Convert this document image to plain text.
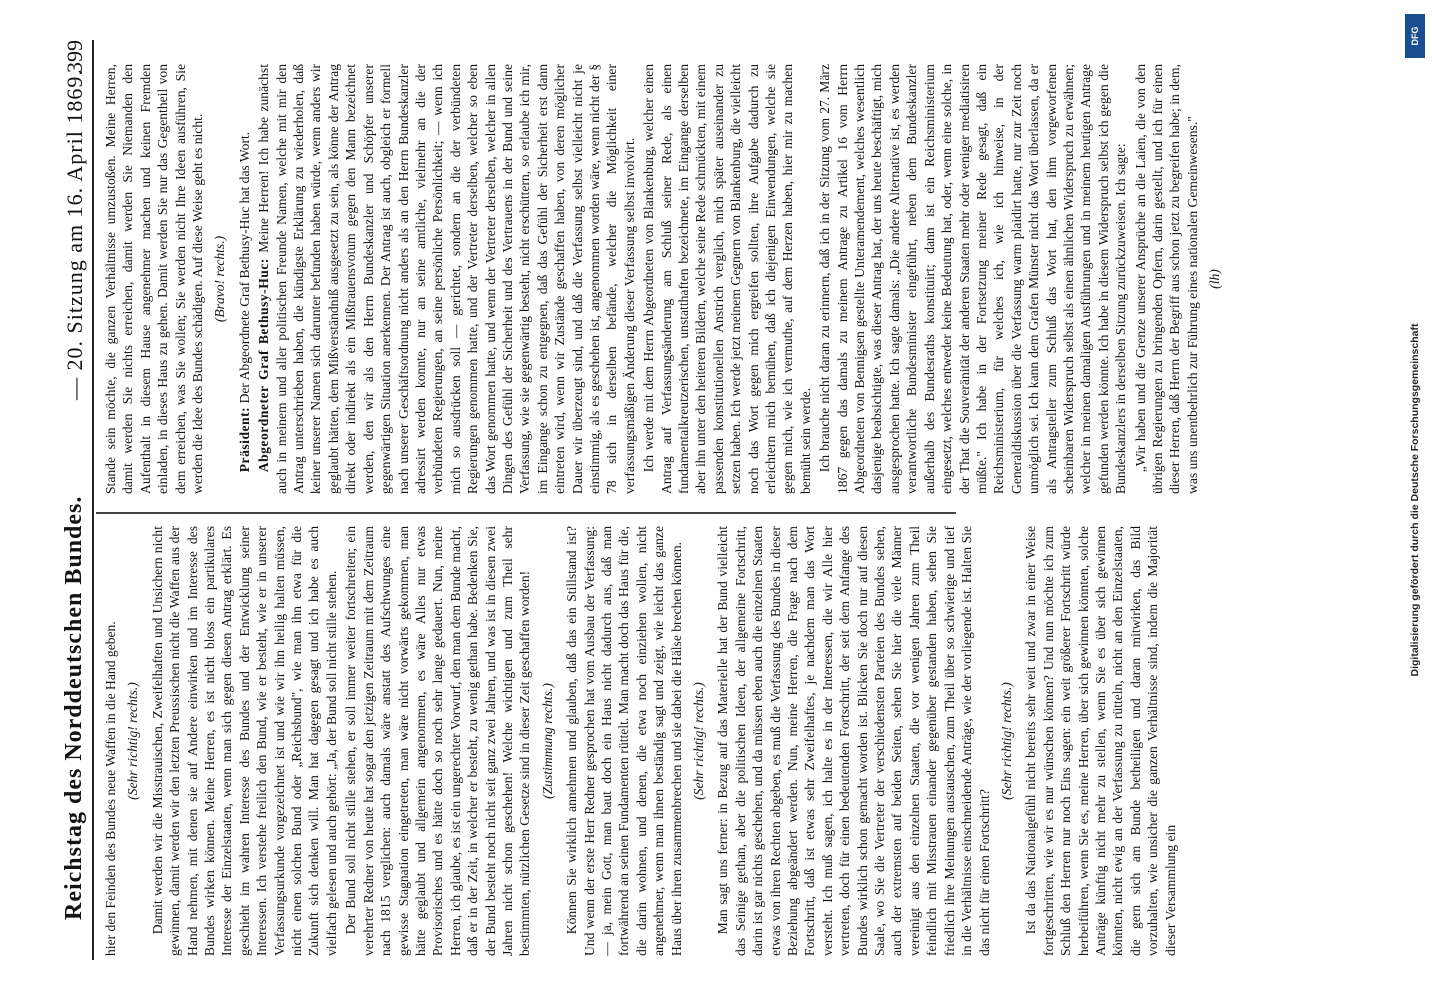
Reichstag des Norddeutschen Bundes.
— 20. Sitzung am 16. April 1869.
399

hier den Feinden des Bundes neue Waffen in die Hand geben. (Sehr richtig! rechts.) Damit werden wir die Misstrauischen, Zweifelhaften und Unsichern nicht gewinnen, damit werden wir den letzten Preussischen nicht die Waffen aus der Hand nehmen, mit denen sie auf Andere einwirken und im Interesse des Bundes wirken können. Meine Herren, es ist nicht bloss ein partikulares Interesse der Einzelstaaten, wenn man sich gegen diesen Antrag erklärt. Es geschieht im wahren Interesse des Bundes und der Entwicklung seiner Interessen. Ich verstehe freilich den Bund, wie er besteht, wie er in unserer Verfassungsurkunde vorgezeichnet ist und wie wir ihn heilig halten müssen, nicht einen solchen Bund oder „Reichsbund", wie man ihn etwa für die Zukunft sich denken will. Man hat dagegen gesagt und ich habe es auch vielfach gelesen und auch gehört: „Ja, der Bund soll nicht stille stehen. Der Bund soll nicht stille stehen, er soll immer weiter fortschreiten; ein verehrter Redner von heute hat sogar den jetzigen Zeitraum mit dem Zeitraum nach 1815 verglichen: auch damals wäre anstatt des Aufschwunges eine gewisse Stagnation eingetreten, man wäre nicht vorwärts gekommen, man hätte geglaubt und allgemein angenommen, es wäre Alles nur etwas Provisorisches und es hätte doch so noch sehr lange gedauert. Nun, meine Herren, ich glaube, es ist ein ungerechter Vorwurf, den man dem Bunde macht, daß er in der Zeit, in welcher er besteht, zu wenig gethan habe. Bedenken Sie, der Bund besteht noch nicht seit ganz zwei Jahren, und was ist in diesen zwei Jahren nicht schon geschehen! Welche wichtigen und zum Theil sehr bestimmten, nützlichen Gesetze sind in dieser Zeit geschaffen worden! (Zustimmung rechts.) Können Sie wirklich annehmen und glauben, daß das ein Stillstand ist? Und wenn der erste Herr Redner gesprochen hat vom Ausbau der Verfassung: — ja, mein Gott, man baut doch ein Haus nicht dadurch aus, daß man fortwährend an seinen Fundamenten rüttelt. Man macht doch das Haus für die, die darin wohnen, und denen, die etwa noch einziehen wollen, nicht angenehmer, wenn man ihnen beständig sagt und zeigt, wie leicht das ganze Haus über ihren zusammenbrechen und sie dabei die Hälse brechen können. (Sehr richtig! rechts.) Man sagt uns ferner: in Bezug auf das Materielle hat der Bund vielleicht das Seinige gethan, aber die politischen Ideen, der allgemeine Fortschritt, darin ist gar nichts geschehen, und da müssen eben auch die einzelnen Staaten etwas von ihren Rechten abgeben, es muß die Verfassung des Bundes in dieser Beziehung abgeändert werden. Nun, meine Herren, die Frage nach dem Fortschritt, daß ist etwas sehr Zweifelhaftes, je nachdem man das Wort versteht. Ich muß sagen, ich halte es in der Interessen, die wir Alle hier vertreten, doch für einen bedeutenden Fortschritt, der seit dem Anfange des Bundes wirklich schon gemacht worden ist. Blicken Sie doch nur auf diesen Saale, wo Sie die Vertreter der verschiedensten Parteien des Bundes sehen, auch der extremsten auf beiden Seiten, sehen Sie hier die viele Männer vereinigt aus den einzelnen Staaten, die vor wenigen Jahren zum Theil feindlich mit Misstrauen einander gegenüber gestanden haben, sehen Sie friedlich ihre Meinungen austauschen, zum Theil über so schwierige und tief in die Verhältnisse einschneidende Anträge, wie der vorliegende ist. Halten Sie das nicht für einen Fortschritt?

(Sehr richtig! rechts.) Ist da das Nationalgefühl nicht bereits sehr weit und zwar in einer Weise fortgeschritten, wie wir es nur wünschen können? Und nun möchte ich zum Schluß den Herren nur noch Eins sagen: ein weit größerer Fortschritt würde herbeiführen, wenn Sie es, meine Herren, über sich gewinnen könnten, solche Anträge künftig nicht mehr zu stellen, wenn Sie es über sich gewinnen könnten, nicht ewig an der Verfassung zu rütteln, nicht an den Einzelstaaten, die gern sich am Bunde betheiligen und daran mitwirken, das Bild vorzuhalten, wie unsicher die ganzen Verhältnisse sind, indem die Majorität dieser Versammlung ein

Stande sein möchte, die ganzen Verhältnisse umzustoßen. Meine Herren, damit werden Sie nichts erreichen, damit werden Sie Niemanden den Aufenthalt in diesem Hause angenehmer machen und keinen Fremden einladen, in dieses Haus zu gehen. Damit werden Sie nur das Gegentheil von dem erreichen, was Sie wollen; Sie werden nicht Ihre Ideen ausführen, Sie werden die Idee des Bundes schädigen. Auf diese Weise geht es nicht. (Bravo! rechts.)

Präsident: Der Abgeordnete Graf Bethusy-Huc hat das Wort. Abgeordneter Graf Bethusy-Huc: Meine Herren! Ich habe zunächst auch in meinem und aller politischen Freunde Namen, welche mit mir den Antrag unterschrieben haben, die kündigste Erklärung zu wiederholen, daß keiner unserer Namen sich darunter befunden haben würde, wenn anders wir geglaubt hätten, dem Mißverständniß ausgesetzt zu sein, als könne der Antrag direkt oder indirekt als ein Mißtrauensvotum gegen den Mann bezeichnet werden, den wir als den Herrn Bundeskanzler und Schöpfer unserer gegenwärtigen Situation anerkennen. Der Antrag ist auch, obgleich er formell nach unserer Geschäftsordnung nicht anders als an den Herrn Bundeskanzler adressirt werden konnte, nur an seine amtliche, vielmehr an die der verbündeten Regierungen, an seine persönliche Persönlichkeit; — wenn ich mich so ausdrücken soll — gerichtet, sondern an die der verbündeten Regierungen genommen hatte, und der Vertreter derselben, welcher so eben das Wort genommen hatte, und wenn der Vertreter derselben, welcher in allen Dingen des Gefühl der Sicherheit und des Vertrauens in der Bund und seine Verfassung, wie sie gegenwärtig besteht, nicht erschüttern, so erlaube ich mir, im Eingange schon zu entgegnen, daß das Gefühl der Sicherheit erst dann eintreten wird, wenn wir Zustände geschaffen haben, von deren möglicher Dauer wir überzeugt sind, und daß die Verfassung selbst vielleicht nicht je einstimmig, als es geschehen ist, angenommen worden wäre, wenn nicht der § 78 sich in derselben befände, welcher die Möglichkeit einer verfassungsmäßigen Änderung dieser Verfassung selbst involvirt. Ich werde mit dem Herrn Abgeordneten von Blankenburg, welcher einen Antrag auf Verfassungsänderung am Schluß seiner Rede, als einen fundamentalkreutzerischen, unstatthaften bezeichnete, im Eingange derselben aber ihn unter den heiteren Bildern, welche seine Rede schmückten, mit einem passenden konstitutionellen Anstrich verglich, mich später auseinander zu setzen haben. Ich werde jetzt meinem Gegnern von Blankenburg, die vielleicht noch das Wort gegen mich ergreifen sollten, ihre Aufgabe dadurch zu erleichtern mich bemühen, daß ich diejenigen Einwendungen, welche sie gegen mich, wie ich vermuthe, auf dem Herzen haben, hier mir zu machen bemüht sein werde. Ich brauche nicht daran zu erinnern, daß ich in der Sitzung vom 27. März 1867 gegen das damals zu meinem Antrage zu Artikel 16 vom Herrn Abgeordneten von Bennigsen gestellte Unteramendement, welches wesentlich dasjenige beabsichtigte, was dieser Antrag hat, der uns heute beschäftigt, mich ausgesprochen hatte. Ich sagte damals: „Die andere Alternative ist, es werden verantwortliche Bundesminister eingeführt, neben dem Bundeskanzler außerhalb des Bundesraths konstituirt; dann ist ein Reichsministerium eingesetzt, welches entweder keine Bedeutung hat, oder, wenn eine solche, in der That die Souveränität der anderen Staaten mehr oder weniger mediatisiren müßte." Ich habe in der Fortsetzung meiner Rede gesagt, daß ein Reichsministerium, für welches ich, wie ich hinweise, in der Generaldiskussion über die Verfassung warm plaidirt hatte, nur zur Zeit noch unmöglich sei. Ich kann dem Grafen Münster nicht das Wort überlassen, da er als Antragsteller zum Schluß das Wort hat, den ihm vorgeworfenen scheinbaren Widerspruch selbst als einen ähnlichen Widerspruch zu erwähnen; welcher in meinen damaligen Ausführungen und in meinem heutigen Antrage gefunden werden könnte. Ich habe in diesem Widerspruch selbst ich gegen die Bundeskanzlers in derselben Sitzung zurückzuweisen. Ich sagte: „Wir haben und die Grenze unserer Ansprüche an die Laien, die von den übrigen Regierungen zu bringenden Opfern, darin gestellt, und ich für einen dieser Herren, daß Herrn der Begriff aus schon jetzt zu begreifen habe; in dem, was uns unentbehrlich zur Führung eines nationalen Gemeinwesens." (lh)

DFG
Digitalisierung gefördert durch die Deutsche Forschungsgemeinschaft
